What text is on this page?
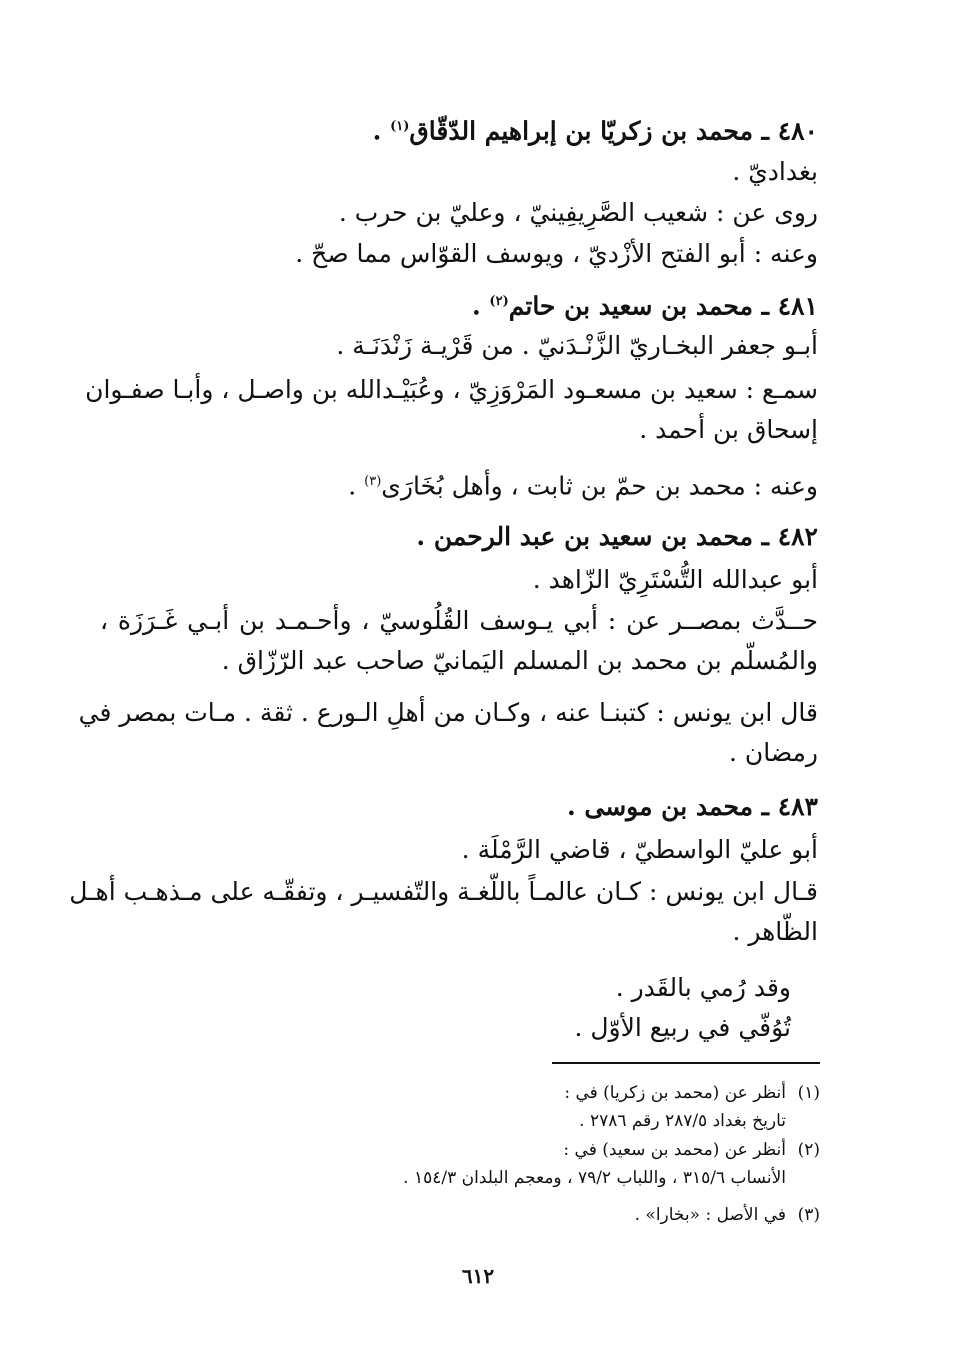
٤٨٠ ـ محمد بن زكريّا بن إبراهيم الدّقّاق$^{(١)}$ .
بغداديّ .
روى عن : شعيب الصَّرِيفِينيّ ، وعليّ بن حرب .
وعنه : أبو الفتح الأزْديّ ، ويوسف القوّاس مما صحّ .
٤٨١ ـ محمد بن سعيد بن حاتم$^{(٢)}$ .
أبـو جعفر البخـاريّ الزَّنْـدَنيّ . من قَرْيـة زَنْدَنَـة .
سمـع : سعيد بن مسعـود المَرْوَزِيّ ، وعُبَيْـدالله بن واصـل ، وأبـا صفـوان
إسحاق بن أحمد .
وعنه : محمد بن حمّ بن ثابت ، وأهل بُخَارَى$^{(٣)}$ .
٤٨٢ ـ محمد بن سعيد بن عبد الرحمن .
أبو عبدالله التُّسْتَرِيّ الزّاهد .
حــدَّث بمصــر عن : أبي يـوسف القُلُوسيّ ، وأحـمـد بن أبـي غَـرَزَة ،
والمُسلّم بن محمد بن المسلم اليَمانيّ صاحب عبد الرّزّاق .
قال ابن يونس : كتبنـا عنه ، وكـان من أهلِ الـورع . ثقة . مـات بمصر في
رمضان .
٤٨٣ ـ محمد بن موسى .
أبو عليّ الواسطيّ ، قاضي الرَّمْلَة .
قـال ابن يونس : كـان عالمـاً باللّغـة والتّفسيـر ، وتفقّـه على مـذهـب أهـل
الظّاهر .
وقد رُمي بالقَدر .
تُوُفّي في ربيع الأوّل .
(١)
أنظر عن (محمد بن زكريا) في :
تاريخ بغداد ٢٨٧/٥ رقم ٢٧٨٦ .
(٢)
أنظر عن (محمد بن سعيد) في :
الأنساب ٣١٥/٦ ، واللباب ٧٩/٢ ، ومعجم البلدان ١٥٤/٣ .
(٣)
في الأصل : «بخارا» .
٦١٢
